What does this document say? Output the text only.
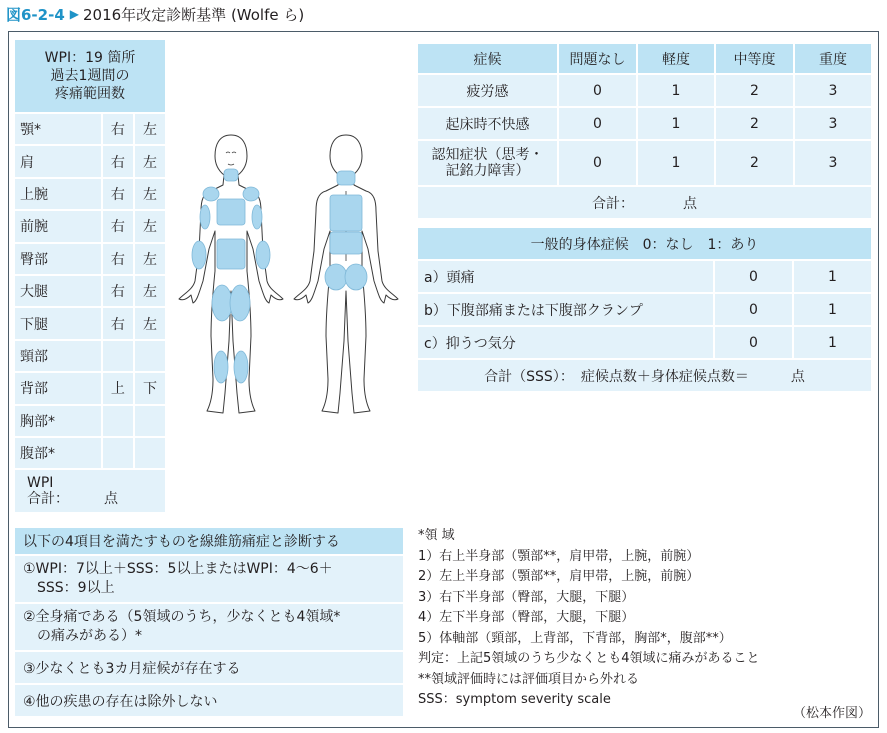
図6-2-4 ▶ 2016年改定診断基準 (Wolfe ら)
WPI：19 箇所
過去1週間の
疼痛範囲数		
顎*	右	左
肩	右	左
上腕	右	左
前腕	右	左
臀部	右	左
大腿	右	左
下腿	右	左
頸部		
背部	上	下
胸部*		
腹部*		
WPI
合計：　　　点		
症候	問題なし	軽度	中等度	重度
疲労感	0	1	2	3
起床時不快感	0	1	2	3
認知症状（思考・
記銘力障害）	0	1	2	3
合計：　　　　点				
一般的身体症候　0：なし　1：あり		
a）頭痛	0	1
b）下腹部痛または下腹部クランプ	0	1
c）抑うつ気分	0	1
合計（SSS）：　症候点数＋身体症候点数＝　　　点		
以下の4項目を満たすものを線維筋痛症と診断する
①WPI：7以上＋SSS：5以上またはWPI：4～6＋
　SSS：9以上
②全身痛である（5領域のうち，少なくとも4領域*
　の痛みがある）*
③少なくとも3カ月症候が存在する
④他の疾患の存在は除外しない
*領 域
1）右上半身部（顎部**，肩甲帯，上腕，前腕）
2）左上半身部（顎部**，肩甲帯，上腕，前腕）
3）右下半身部（臀部，大腿，下腿）
4）左下半身部（臀部，大腿，下腿）
5）体軸部（頸部，上背部，下背部，胸部*，腹部**）
判定：上記5領域のうち少なくとも4領域に痛みがあること
**領域評価時には評価項目から外れる
SSS：symptom severity scale
（松本作図）
